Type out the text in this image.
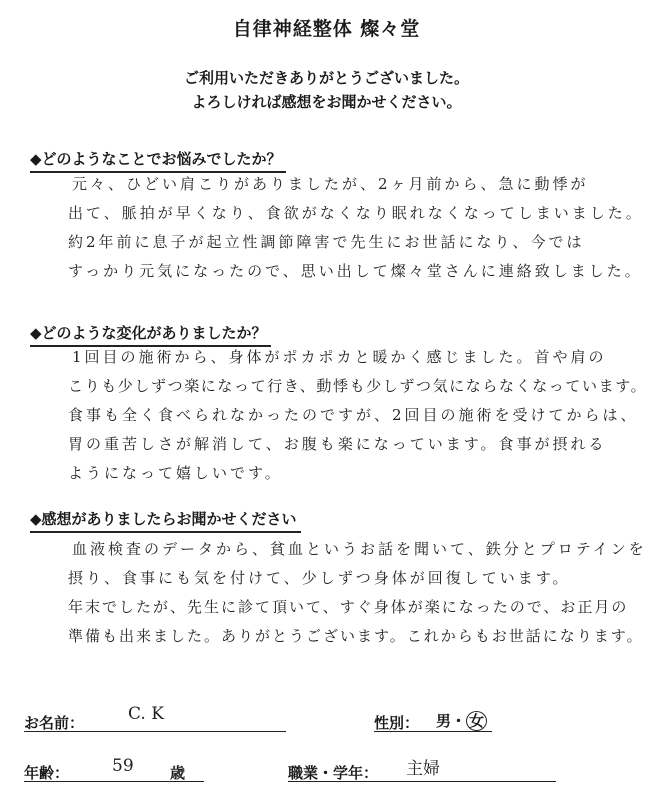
自律神経整体 燦々堂
ご利用いただきありがとうございました。
よろしければ感想をお聞かせください。
◆どのようなことでお悩みでしたか？
元々、ひどい肩こりがありましたが、2ヶ月前から、急に動悸が
出て、脈拍が早くなり、食欲がなくなり眠れなくなってしまいました。
約2年前に息子が起立性調節障害で先生にお世話になり、今では
すっかり元気になったので、思い出して燦々堂さんに連絡致しました。
◆どのような変化がありましたか？
1回目の施術から、身体がポカポカと暖かく感じました。首や肩の
こりも少しずつ楽になって行き、動悸も少しずつ気にならなくなっています。
食事も全く食べられなかったのですが、2回目の施術を受けてからは、
胃の重苦しさが解消して、お腹も楽になっています。食事が摂れる
ようになって嬉しいです。
◆感想がありましたらお聞かせください
血液検査のデータから、貧血というお話を聞いて、鉄分とプロテインを
摂り、食事にも気を付けて、少しずつ身体が回復しています。
年末でしたが、先生に診て頂いて、すぐ身体が楽になったので、お正月の
準備も出来ました。ありがとうございます。これからもお世話になります。
お名前：	C. K	性別： 男・ 女
年齢：	59 歳	職業・学年： 主婦
